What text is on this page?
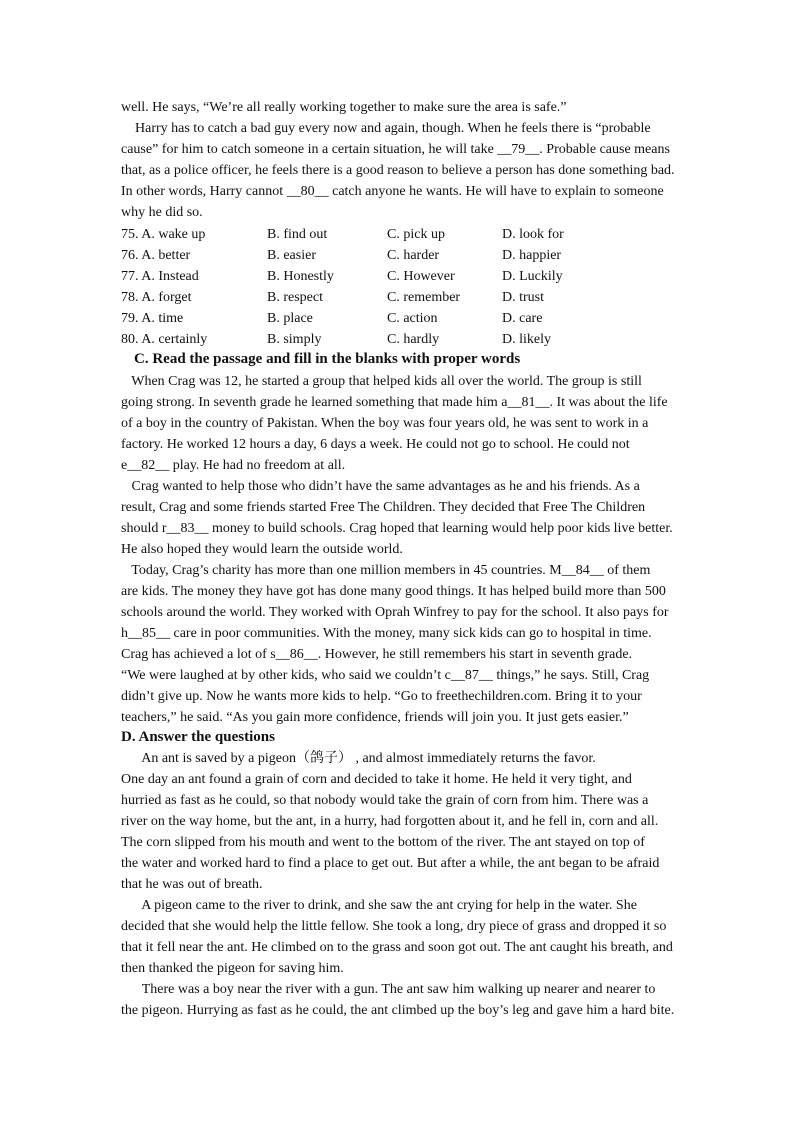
well. He says, “We’re all really working together to make sure the area is safe.”
Harry has to catch a bad guy every now and again, though. When he feels there is “probable
cause” for him to catch someone in a certain situation, he will take __79__. Probable cause means
that, as a police officer, he feels there is a good reason to believe a person has done something bad.
In other words, Harry cannot __80__ catch anyone he wants. He will have to explain to someone
why he did so.
75. A. wake up	B. find out	C. pick up	D. look for
76. A. better	B. easier	C. harder	D. happier
77. A. Instead	B. Honestly	C. However	D. Luckily
78. A. forget	B. respect	C. remember	D. trust
79. A. time	B. place	C. action	D. care
80. A. certainly	B. simply	C. hardly	D. likely
C. Read the passage and fill in the blanks with proper words
When Crag was 12, he started a group that helped kids all over the world. The group is still
going strong. In seventh grade he learned something that made him a__81__. It was about the life
of a boy in the country of Pakistan. When the boy was four years old, he was sent to work in a
factory. He worked 12 hours a day, 6 days a week. He could not go to school. He could not
e__82__ play. He had no freedom at all.
Crag wanted to help those who didn’t have the same advantages as he and his friends. As a
result, Crag and some friends started Free The Children. They decided that Free The Children
should r__83__ money to build schools. Crag hoped that learning would help poor kids live better.
He also hoped they would learn the outside world.
Today, Crag’s charity has more than one million members in 45 countries. M__84__ of them
are kids. The money they have got has done many good things. It has helped build more than 500
schools around the world. They worked with Oprah Winfrey to pay for the school. It also pays for
h__85__ care in poor communities. With the money, many sick kids can go to hospital in time.
Crag has achieved a lot of s__86__. However, he still remembers his start in seventh grade.
“We were laughed at by other kids, who said we couldn’t c__87__ things,” he says. Still, Crag
didn’t give up. Now he wants more kids to help. “Go to freethechildren.com. Bring it to your
teachers,” he said. “As you gain more confidence, friends will join you. It just gets easier.”
D. Answer the questions
An ant is saved by a pigeon（鸽子） , and almost immediately returns the favor.
One day an ant found a grain of corn and decided to take it home. He held it very tight, and
hurried as fast as he could, so that nobody would take the grain of corn from him. There was a
river on the way home, but the ant, in a hurry, had forgotten about it, and he fell in, corn and all.
The corn slipped from his mouth and went to the bottom of the river. The ant stayed on top of
the water and worked hard to find a place to get out. But after a while, the ant began to be afraid
that he was out of breath.
A pigeon came to the river to drink, and she saw the ant crying for help in the water. She
decided that she would help the little fellow. She took a long, dry piece of grass and dropped it so
that it fell near the ant. He climbed on to the grass and soon got out. The ant caught his breath, and
then thanked the pigeon for saving him.
There was a boy near the river with a gun. The ant saw him walking up nearer and nearer to
the pigeon. Hurrying as fast as he could, the ant climbed up the boy’s leg and gave him a hard bite.
